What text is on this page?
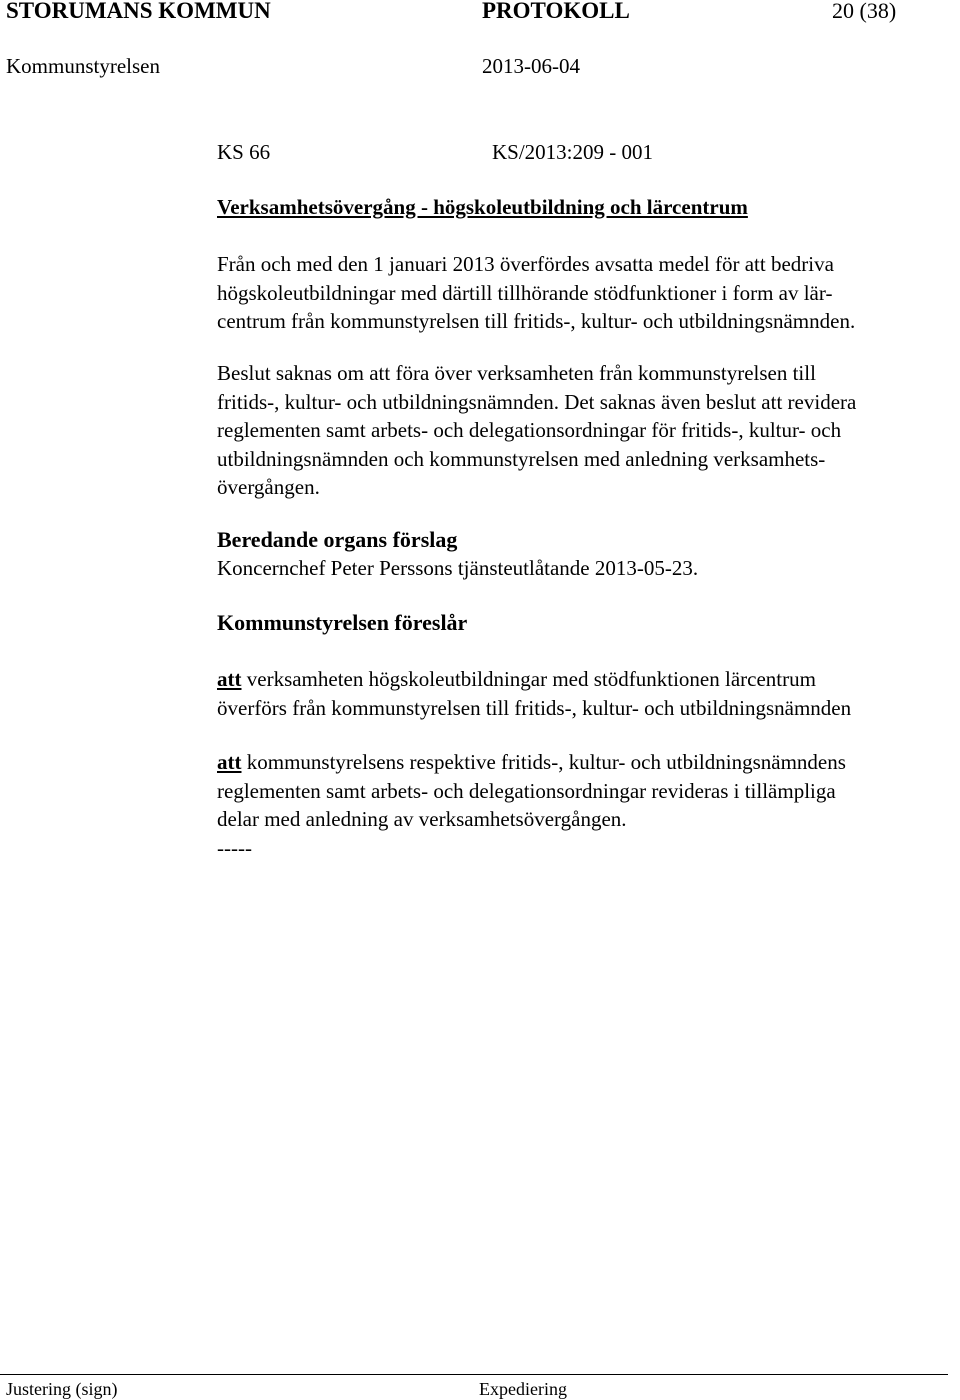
STORUMANS KOMMUN	PROTOKOLL	20 (38)
Kommunstyrelsen	2013-06-04
KS 66	KS/2013:209 - 001
Verksamhetsövergång - högskoleutbildning och lärcentrum

Från och med den 1 januari 2013 överfördes avsatta medel för att bedriva

högskoleutbildningar med därtill tillhörande stödfunktioner i form av lär-

centrum från kommunstyrelsen till fritids-, kultur- och utbildningsnämnden.

Beslut saknas om att föra över verksamheten från kommunstyrelsen till

fritids-, kultur- och utbildningsnämnden. Det saknas även beslut att revidera

reglementen samt arbets- och delegationsordningar för fritids-, kultur- och

utbildningsnämnden och kommunstyrelsen med anledning verksamhets-

övergången.

Beredande organs förslag
Koncernchef Peter Perssons tjänsteutlåtande 2013-05-23.
Kommunstyrelsen föreslår

att verksamheten högskoleutbildningar med stödfunktionen lärcentrum

överförs från kommunstyrelsen till fritids-, kultur- och utbildningsnämnden

att kommunstyrelsens respektive fritids-, kultur- och utbildningsnämndens

reglementen samt arbets- och delegationsordningar revideras i tillämpliga

delar med anledning av verksamhetsövergången.

-----

Justering (sign)	Expediering
